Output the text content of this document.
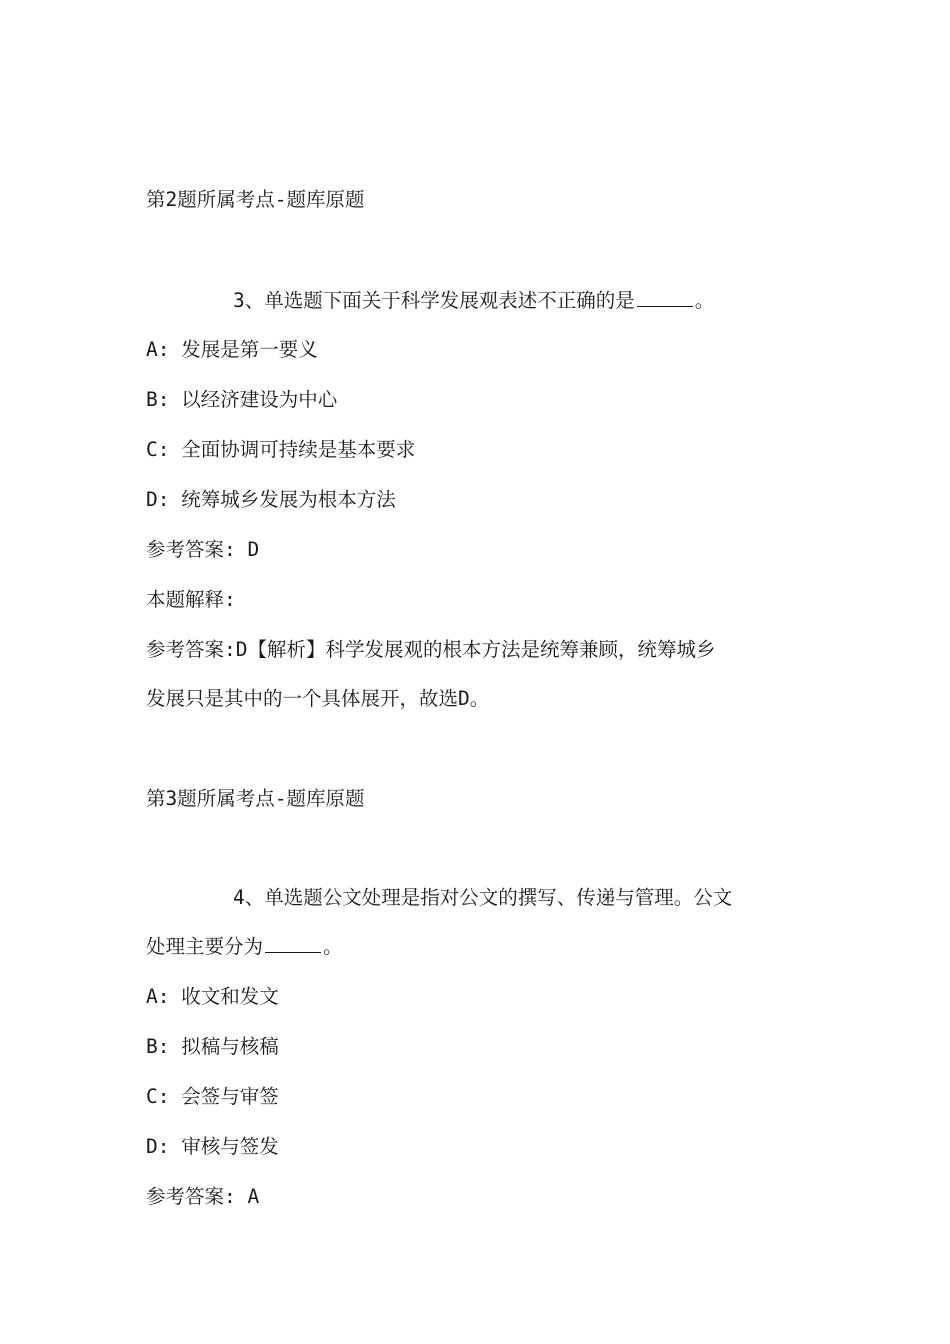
第2题所属考点-题库原题
3、单选题下面关于科学发展观表述不正确的是	。
A: 发展是第一要义
B: 以经济建设为中心
C: 全面协调可持续是基本要求
D: 统筹城乡发展为根本方法
参考答案: D
本题解释:
参考答案:D【解析】科学发展观的根本方法是统筹兼顾，统筹城乡
发展只是其中的一个具体展开，故选D。
第3题所属考点-题库原题
4、单选题公文处理是指对公文的撰写、传递与管理。公文
处理主要分为	。
A: 收文和发文
B: 拟稿与核稿
C: 会签与审签
D: 审核与签发
参考答案: A
